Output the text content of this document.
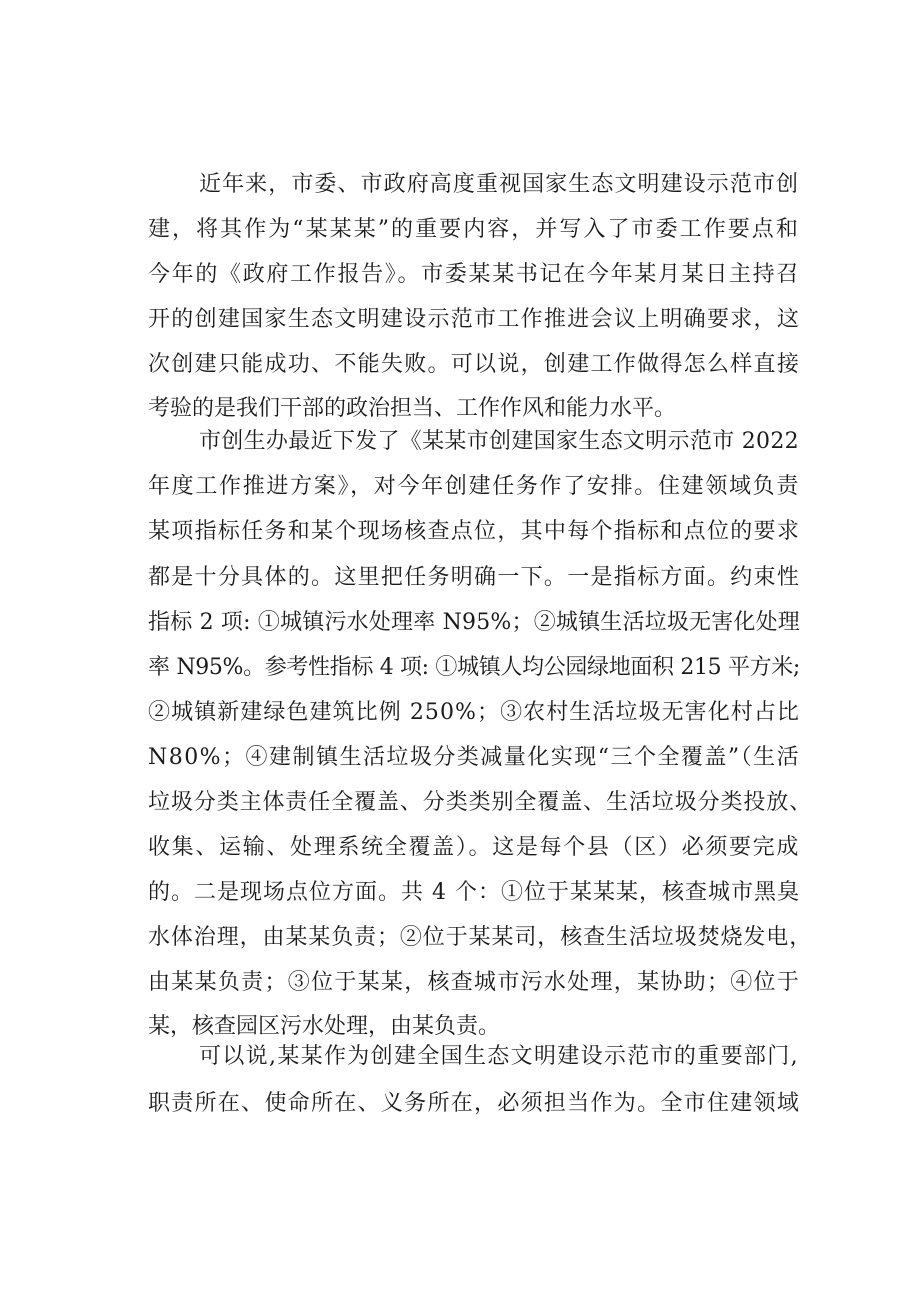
近年来，市委、市政府高度重视国家生态文明建设示范市创
建，将其作为“某某某”的重要内容，并写入了市委工作要点和
今年的《政府工作报告》。市委某某书记在今年某月某日主持召
开的创建国家生态文明建设示范市工作推进会议上明确要求，这
次创建只能成功、不能失败。可以说，创建工作做得怎么样直接
考验的是我们干部的政治担当、工作作风和能力水平。
市创生办最近下发了《某某市创建国家生态文明示范市 2022
年度工作推进方案》，对今年创建任务作了安排。住建领域负责
某项指标任务和某个现场核查点位，其中每个指标和点位的要求
都是十分具体的。这里把任务明确一下。一是指标方面。约束性
指标 2 项: ①城镇污水处理率 N95%；②城镇生活垃圾无害化处理
率 N95%。参考性指标 4 项: ①城镇人均公园绿地面积 215 平方米;
②城镇新建绿色建筑比例 250%；③农村生活垃圾无害化村占比
N80%；④建制镇生活垃圾分类减量化实现“三个全覆盖”（生活
垃圾分类主体责任全覆盖、分类类别全覆盖、生活垃圾分类投放、
收集、运输、处理系统全覆盖）。这是每个县（区）必须要完成
的。二是现场点位方面。共 4 个：①位于某某某，核查城市黑臭
水体治理，由某某负责；②位于某某司，核查生活垃圾焚烧发电，
由某某负责；③位于某某，核查城市污水处理，某协助；④位于
某，核查园区污水处理，由某负责。
可以说,某某作为创建全国生态文明建设示范市的重要部门,
职责所在、使命所在、义务所在，必须担当作为。全市住建领域
